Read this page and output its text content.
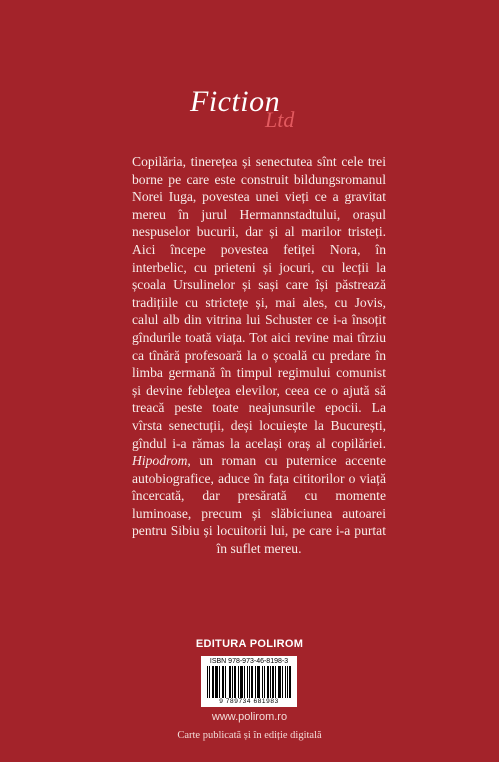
Fiction
Ltd
Copilăria, tinerețea și senectutea sînt cele trei borne pe care este construit bildungsromanul Norei Iuga, povestea unei vieți ce a gravitat mereu în jurul Hermannstadtului, orașul nespuselor bucurii, dar și al marilor tristeți. Aici începe povestea fetiței Nora, în interbelic, cu prieteni și jocuri, cu lecții la școala Ursulinelor și sași care își păstrează tradițiile cu strictețe și, mai ales, cu Jovis, calul alb din vitrina lui Schuster ce i-a însoțit gîndurile toată viața. Tot aici revine mai tîrziu ca tînără profesoară la o școală cu predare în limba germană în timpul regimului comunist și devine febleţea elevilor, ceea ce o ajută să treacă peste toate neajunsurile epocii. La vîrsta senectuții, deși locuiește la București, gîndul i-a rămas la același oraș al copilăriei. Hipodrom, un roman cu puternice accente autobiografice, aduce în fața cititorilor o viață încercată, dar presărată cu momente luminoase, precum și slăbiciunea autoarei pentru Sibiu și locuitorii lui, pe care i-a purtat în suflet mereu.
EDITURA POLIROM
ISBN 978-973-46-8198-3
9 789734 681983
www.polirom.ro
Carte publicată și în ediție digitală
